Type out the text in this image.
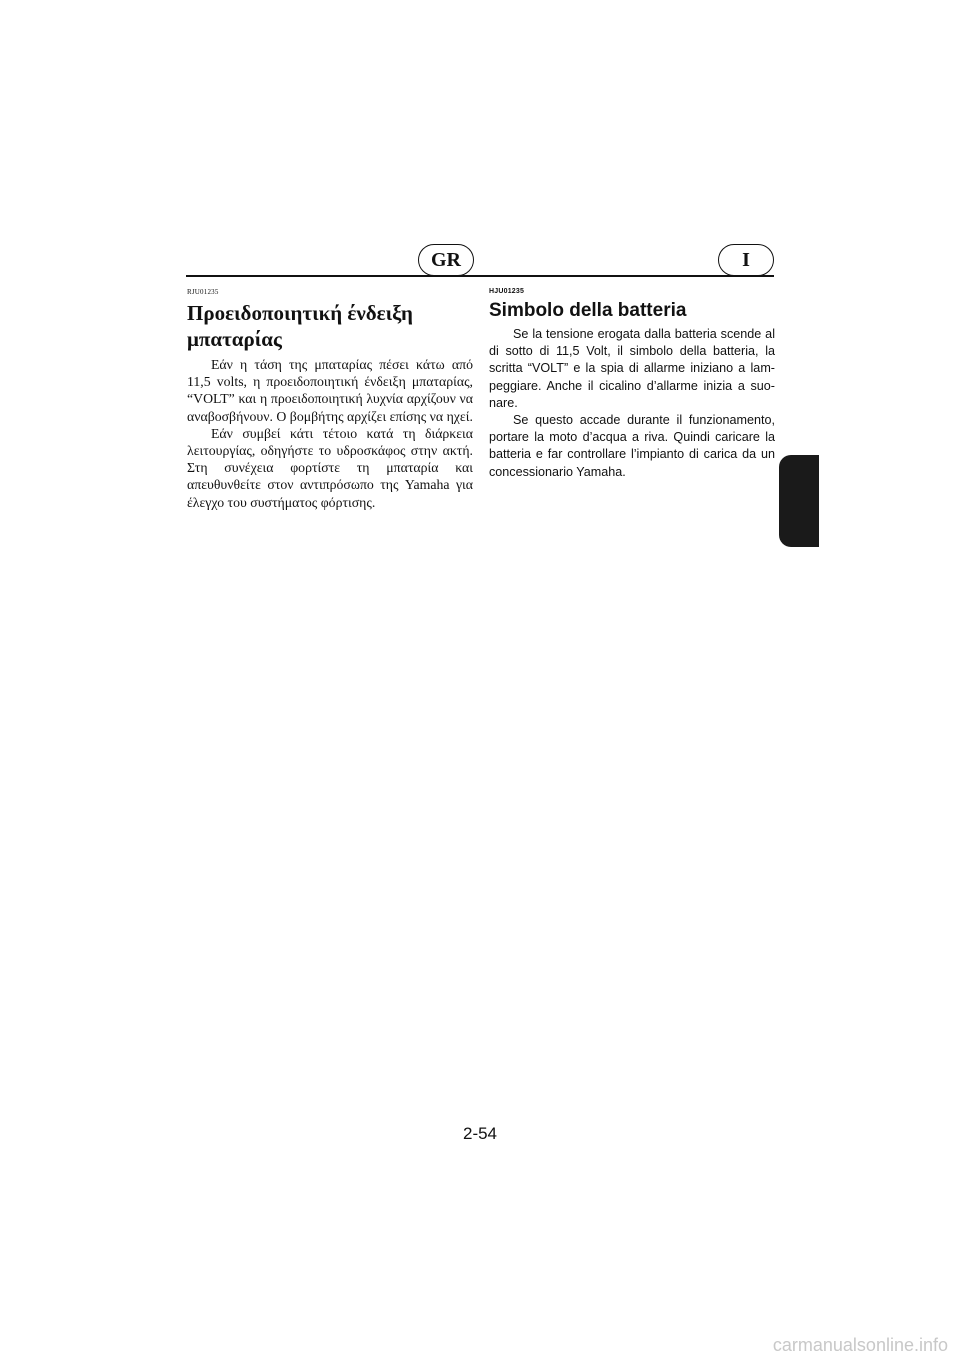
GR	I
RJU01235
Προειδοποιητική ένδειξη μπαταρίας

Εάν η τάση της μπαταρίας πέσει κάτω από 11,5 volts, η προειδοποιητική ένδειξη μπαταρίας, “VOLT” και η προειδοποιητική λυχνία αρχίζουν να αναβοσβήνουν. Ο βομβήτης αρχίζει επίσης να ηχεί.

Εάν συμβεί κάτι τέτοιο κατά τη διάρκεια λειτουργίας, οδηγήστε το υδροσκάφος στην ακτή. Στη συνέχεια φορτίστε τη μπαταρία και απευθυνθείτε στον αντιπρόσωπο της Yamaha για έλεγχο του συστήματος φόρτισης.

HJU01235
Simbolo della batteria

Se la tensione erogata dalla batteria scende al di sotto di 11,5 Volt, il simbolo della batteria, la scritta “VOLT” e la spia di allarme iniziano a lam-peggiare. Anche il cicalino d’allarme inizia a suo-nare.

Se questo accade durante il funzionamento, portare la moto d’acqua a riva. Quindi caricare la batteria e far controllare l’impianto di carica da un concessionario Yamaha.

2-54
carmanualsonline.info
